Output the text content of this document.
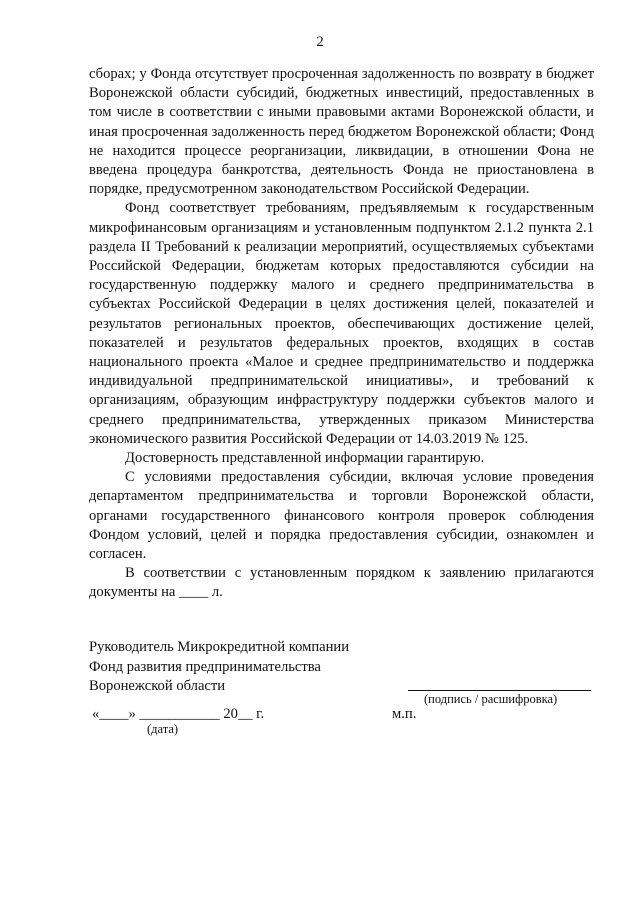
2

сборах; у Фонда отсутствует просроченная задолженность по возврату в бюджет Воронежской области субсидий, бюджетных инвестиций, предоставленных в том числе в соответствии с иными правовыми актами Воронежской области, и иная просроченная задолженность перед бюджетом Воронежской области; Фонд не находится процессе реорганизации, ликвидации, в отношении Фона не введена процедура банкротства, деятельность Фонда не приостановлена в порядке, предусмотренном законодательством Российской Федерации.

Фонд соответствует требованиям, предъявляемым к государственным микрофинансовым организациям и установленным подпунктом 2.1.2 пункта 2.1 раздела II Требований к реализации мероприятий, осуществляемых субъектами Российской Федерации, бюджетам которых предоставляются субсидии на государственную поддержку малого и среднего предпринимательства в субъектах Российской Федерации в целях достижения целей, показателей и результатов региональных проектов, обеспечивающих достижение целей, показателей и результатов федеральных проектов, входящих в состав национального проекта «Малое и среднее предпринимательство и поддержка индивидуальной предпринимательской инициативы», и требований к организациям, образующим инфраструктуру поддержки субъектов малого и среднего предпринимательства, утвержденных приказом Министерства экономического развития Российской Федерации от 14.03.2019 № 125.

Достоверность представленной информации гарантирую.

С условиями предоставления субсидии, включая условие проведения департаментом предпринимательства и торговли Воронежской области, органами государственного финансового контроля проверок соблюдения Фондом условий, целей и порядка предоставления субсидии, ознакомлен и согласен.

В соответствии с установленным порядком к заявлению прилагаются документы на ____ л.

Руководитель Микрокредитной компании
Фонд развития предпринимательства
Воронежской области
(подпись / расшифровка)
«____» ___________ 20__ г.
(дата)
м.п.
